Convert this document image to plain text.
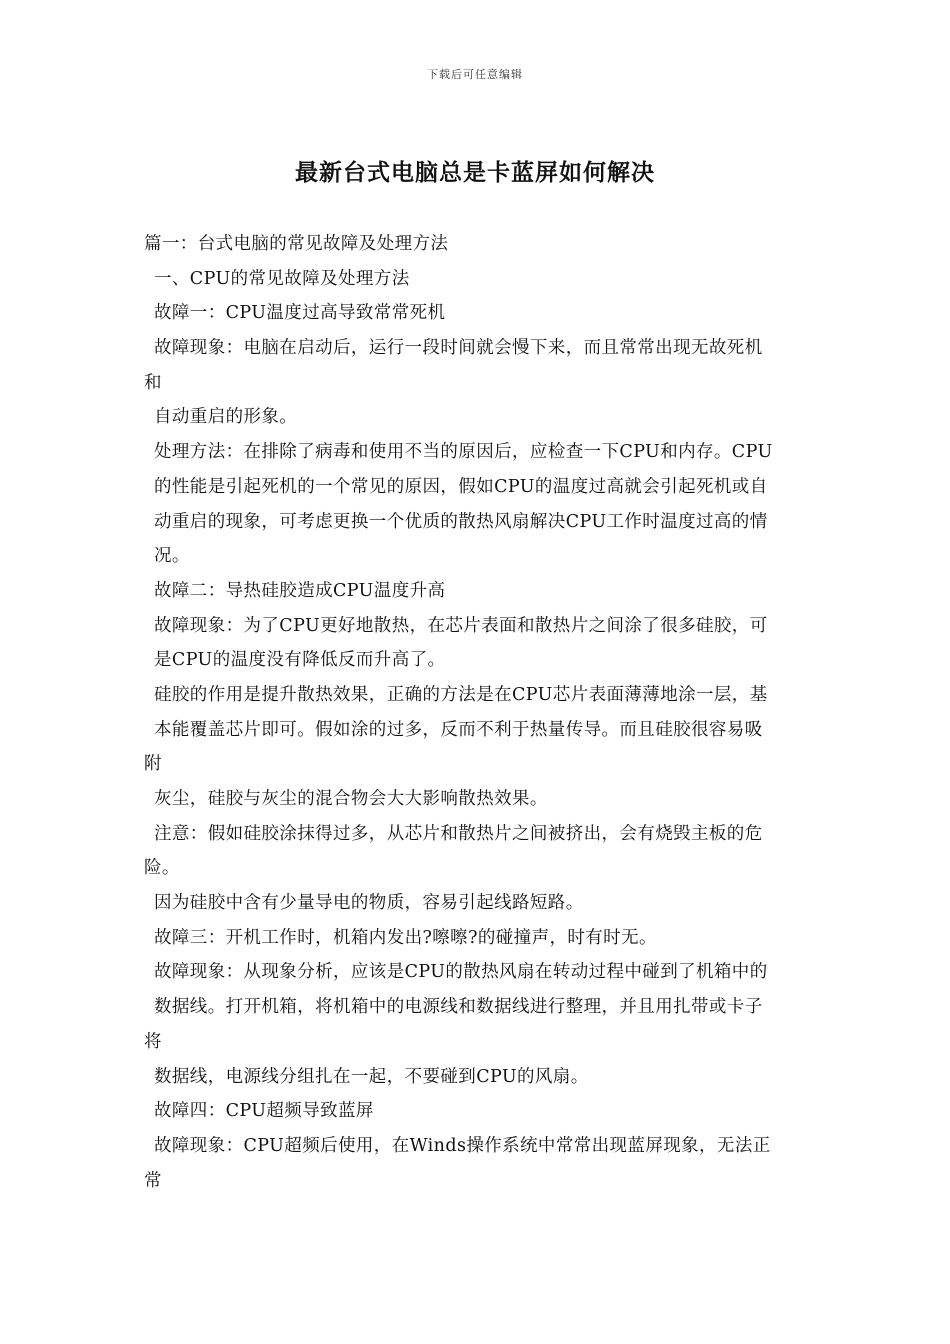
下载后可任意编辑
最新台式电脑总是卡蓝屏如何解决
篇一：台式电脑的常见故障及处理方法
一、CPU的常见故障及处理方法
故障一：CPU温度过高导致常常死机
故障现象：电脑在启动后，运行一段时间就会慢下来，而且常常出现无故死机
和
自动重启的形象。
处理方法：在排除了病毒和使用不当的原因后，应检查一下CPU和内存。CPU
的性能是引起死机的一个常见的原因，假如CPU的温度过高就会引起死机或自
动重启的现象，可考虑更换一个优质的散热风扇解决CPU工作时温度过高的情
况。
故障二：导热硅胶造成CPU温度升高
故障现象：为了CPU更好地散热，在芯片表面和散热片之间涂了很多硅胶，可
是CPU的温度没有降低反而升高了。
硅胶的作用是提升散热效果，正确的方法是在CPU芯片表面薄薄地涂一层，基
本能覆盖芯片即可。假如涂的过多，反而不利于热量传导。而且硅胶很容易吸
附
灰尘，硅胶与灰尘的混合物会大大影响散热效果。
注意：假如硅胶涂抹得过多，从芯片和散热片之间被挤出，会有烧毁主板的危
险。
因为硅胶中含有少量导电的物质，容易引起线路短路。
故障三：开机工作时，机箱内发出?嚓嚓?的碰撞声，时有时无。
故障现象：从现象分析，应该是CPU的散热风扇在转动过程中碰到了机箱中的
数据线。打开机箱，将机箱中的电源线和数据线进行整理，并且用扎带或卡子
将
数据线，电源线分组扎在一起，不要碰到CPU的风扇。
故障四：CPU超频导致蓝屏
故障现象：CPU超频后使用，在Winds操作系统中常常出现蓝屏现象，无法正
常
